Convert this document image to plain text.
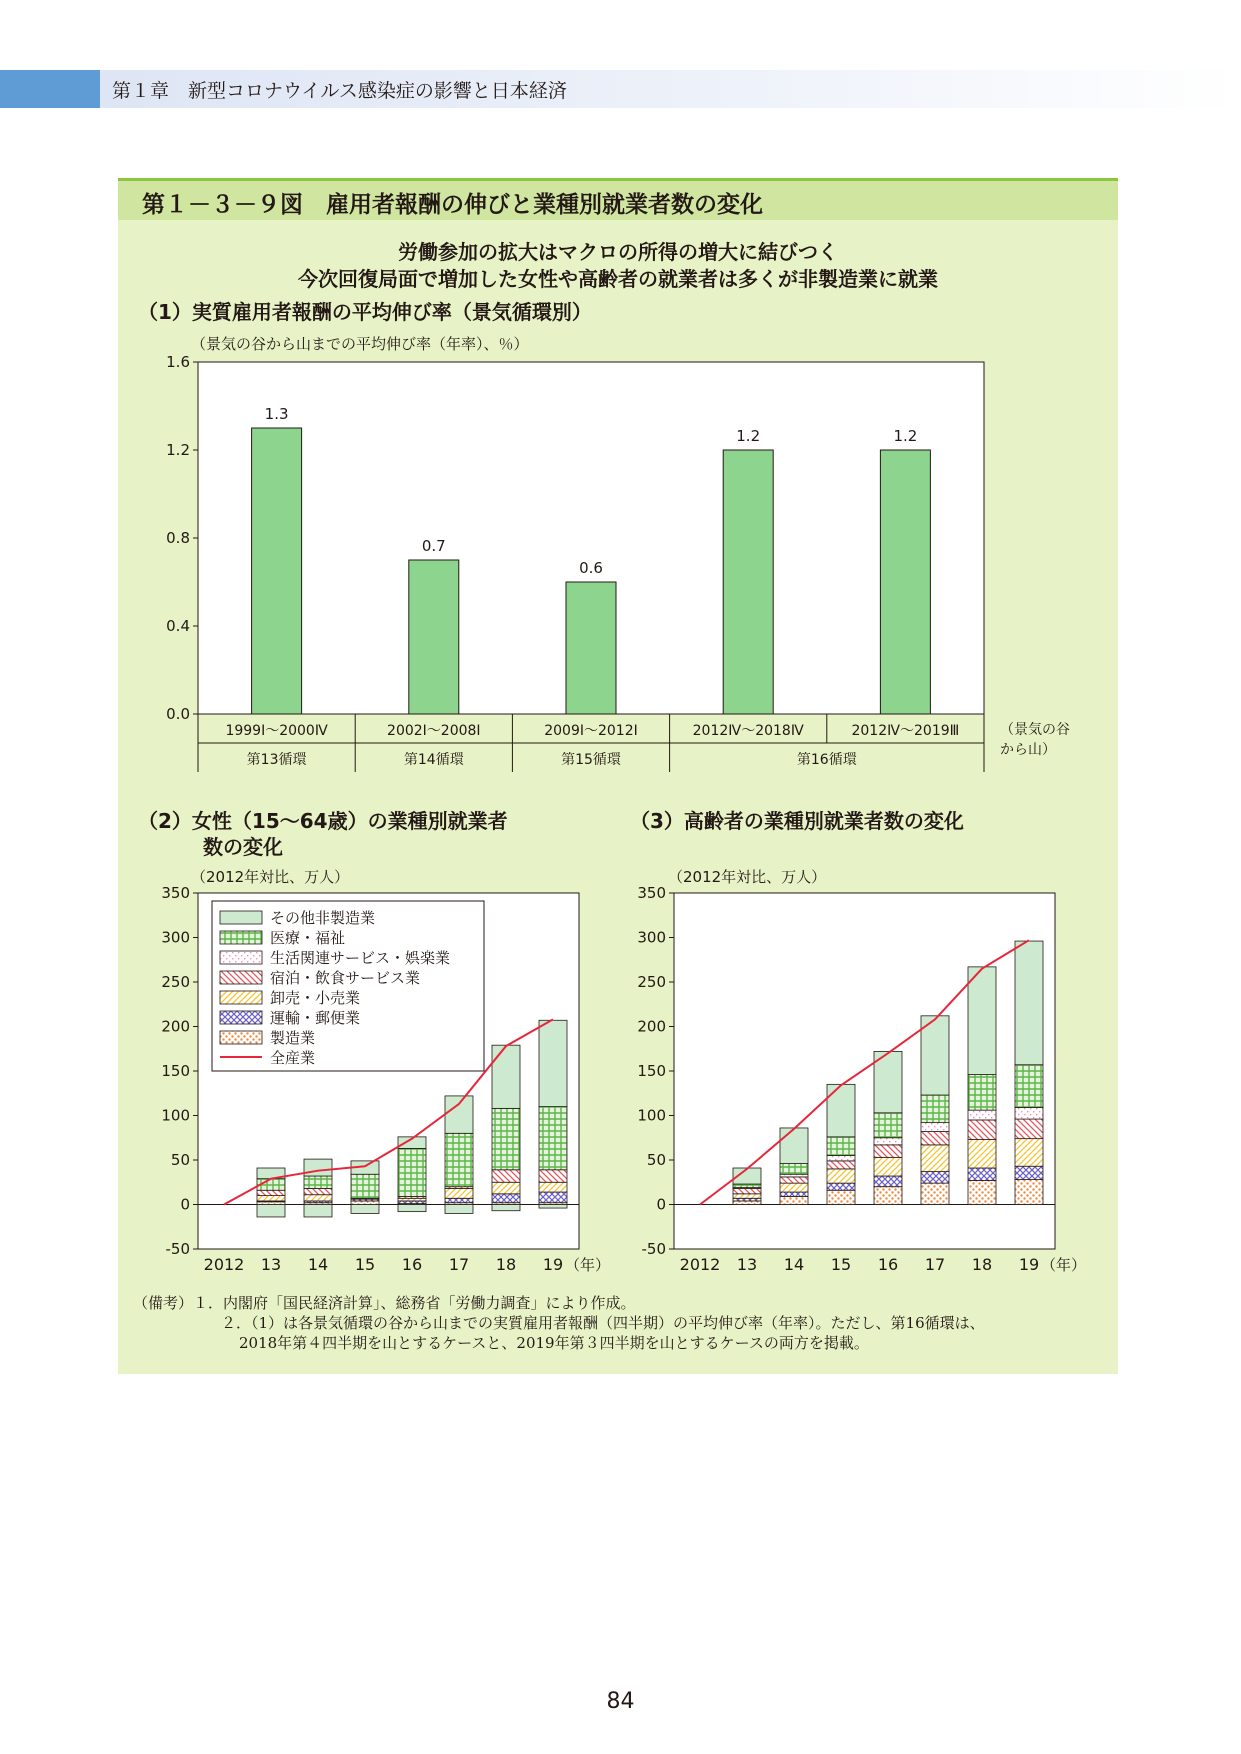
第１章　新型コロナウイルス感染症の影響と日本経済
第１－３－９図　雇用者報酬の伸びと業種別就業者数の変化
労働参加の拡大はマクロの所得の増大に結びつく
今次回復局面で増加した女性や高齢者の就業者は多くが非製造業に就業
（1）実質雇用者報酬の平均伸び率（景気循環別）
（景気の谷から山までの平均伸び率（年率）、％）
（2）女性（15～64歳）の業種別就業者
数の変化
（2012年対比、万人）
（3）高齢者の業種別就業者数の変化
（2012年対比、万人）
0.0
0.4
0.8
1.2
1.6
1.3
0.7
0.6
1.2	1.2
1999Ⅰ～2000Ⅳ	2002Ⅰ～2008Ⅰ	2009Ⅰ～2012Ⅰ	2012Ⅳ～2018Ⅳ	2012Ⅳ～2019Ⅲ
第13循環	第14循環	第15循環	第16循環
（景気の谷
から山）
-50
0
50
100
150
200
250
300
350
2012 13 14 15 16 17 18 19 （年）
その他非製造業
医療・福祉
生活関連サービス・娯楽業
宿泊・飲食サービス業
卸売・小売業
運輸・郵便業
製造業
全産業
-50
0
50
100
150
200
250
300
350
2012 13 14 15 16 17 18 19 （年）
（備考）１．内閣府「国民経済計算」、総務省「労働力調査」により作成。
２．（1）は各景気循環の谷から山までの実質雇用者報酬（四半期）の平均伸び率（年率）。ただし、第16循環は、
2018年第４四半期を山とするケースと、2019年第３四半期を山とするケースの両方を掲載。
84
